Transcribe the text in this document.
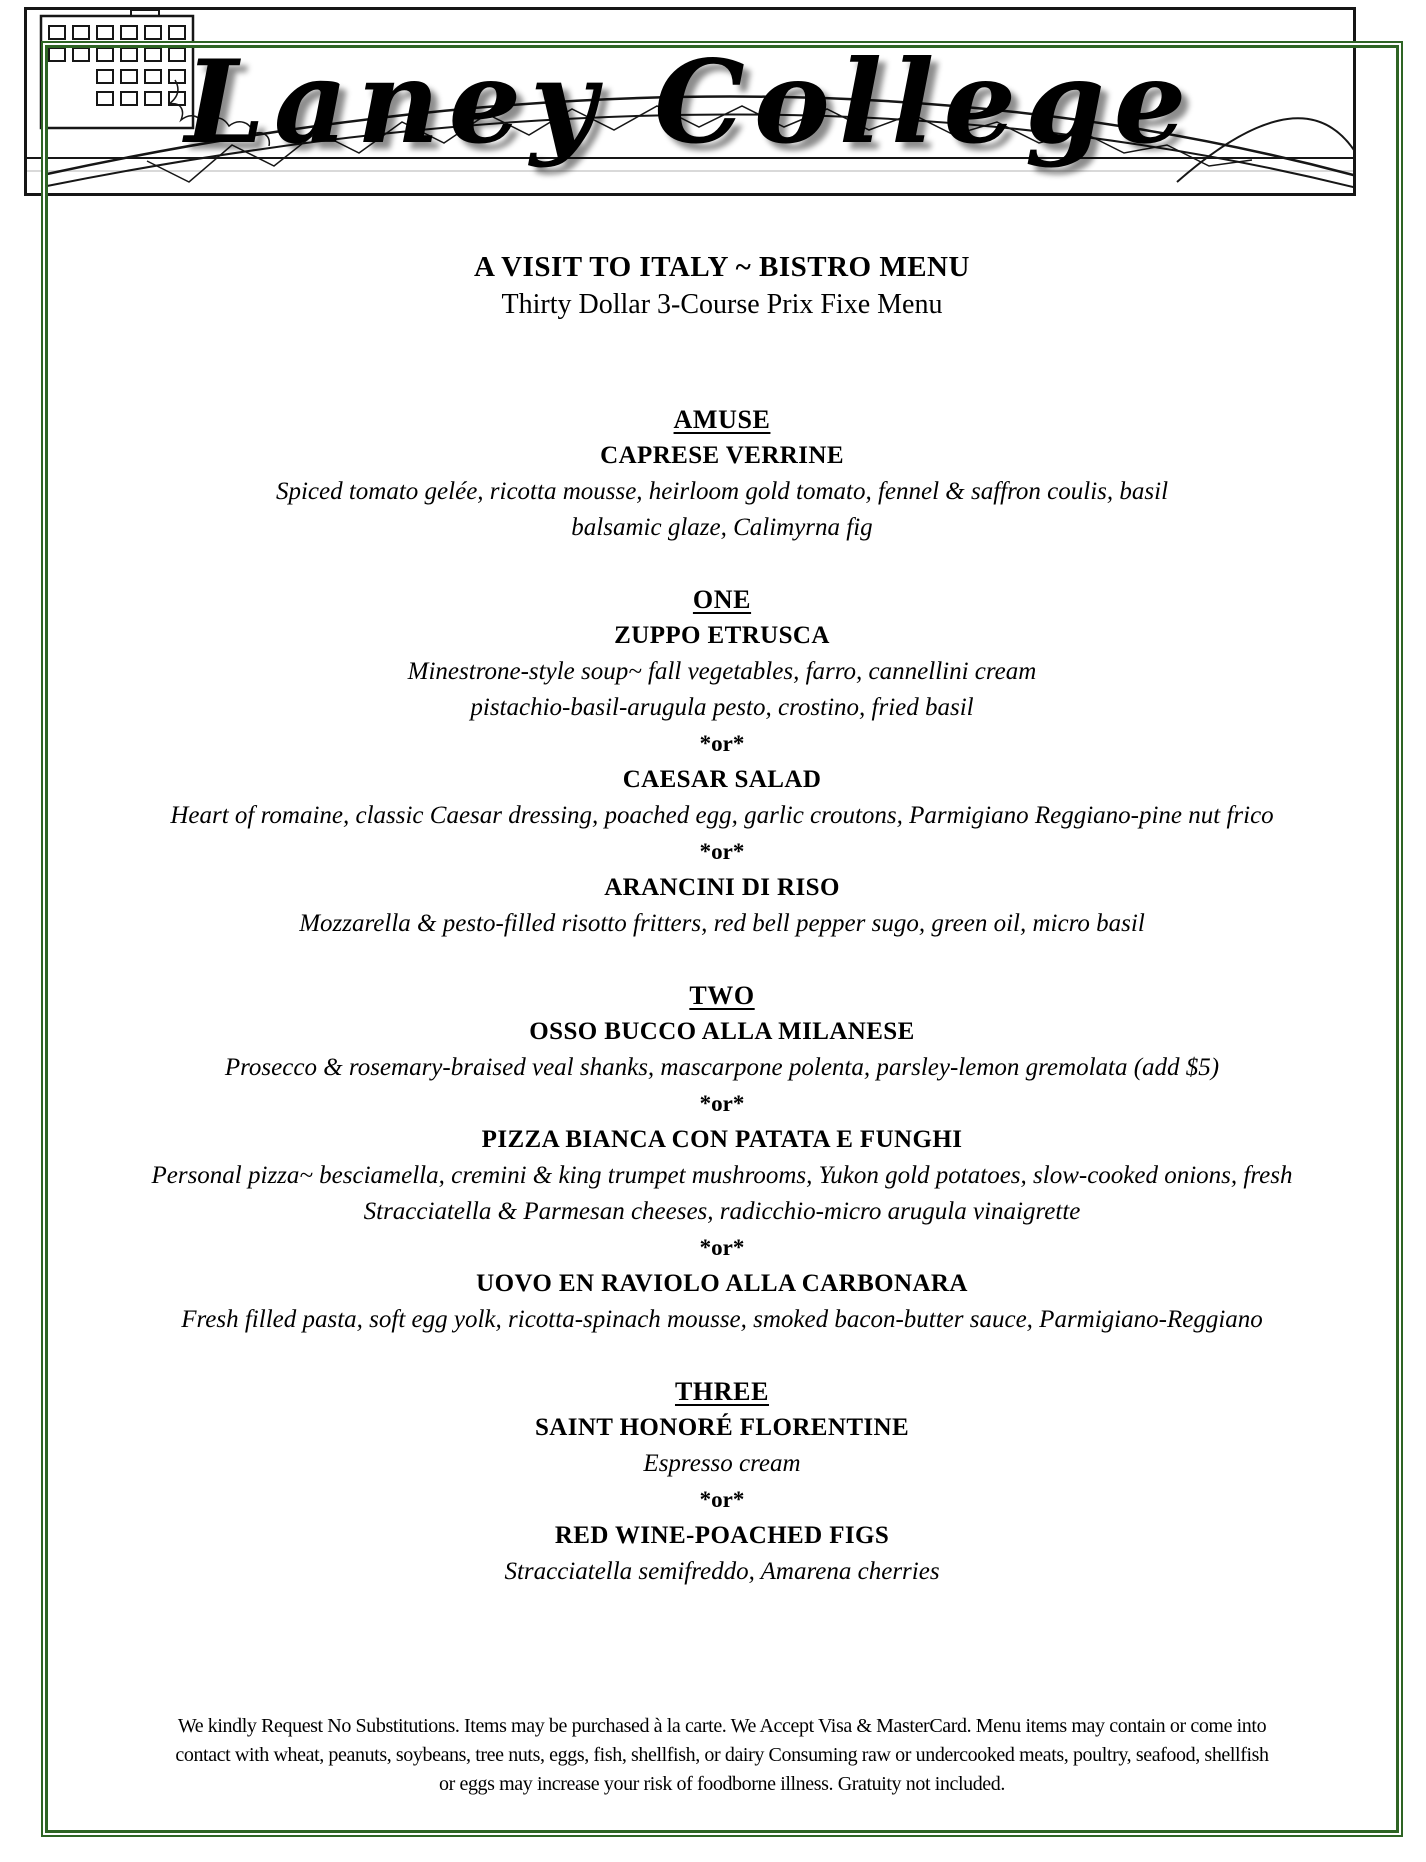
Laney College
A VISIT TO ITALY ~ BISTRO MENU
Thirty Dollar 3-Course Prix Fixe Menu
AMUSE
CAPRESE VERRINE
Spiced tomato gelée, ricotta mousse, heirloom gold tomato, fennel & saffron coulis, basil
balsamic glaze, Calimyrna fig
ONE
ZUPPO ETRUSCA
Minestrone-style soup~ fall vegetables, farro, cannellini cream
pistachio-basil-arugula pesto, crostino, fried basil
*or*
CAESAR SALAD
Heart of romaine, classic Caesar dressing, poached egg, garlic croutons, Parmigiano Reggiano-pine nut frico
*or*
ARANCINI DI RISO
Mozzarella & pesto-filled risotto fritters, red bell pepper sugo, green oil, micro basil
TWO
OSSO BUCCO ALLA MILANESE
Prosecco & rosemary-braised veal shanks, mascarpone polenta, parsley-lemon gremolata (add $5)
*or*
PIZZA BIANCA CON PATATA E FUNGHI
Personal pizza~ besciamella, cremini & king trumpet mushrooms, Yukon gold potatoes, slow-cooked onions, fresh
Stracciatella & Parmesan cheeses, radicchio-micro arugula vinaigrette
*or*
UOVO EN RAVIOLO ALLA CARBONARA
Fresh filled pasta, soft egg yolk, ricotta-spinach mousse, smoked bacon-butter sauce, Parmigiano-Reggiano
THREE
SAINT HONORÉ FLORENTINE
Espresso cream
*or*
RED WINE-POACHED FIGS
Stracciatella semifreddo, Amarena cherries
We kindly Request No Substitutions. Items may be purchased à la carte. We Accept Visa & MasterCard. Menu items may contain or come into
contact with wheat, peanuts, soybeans, tree nuts, eggs, fish, shellfish, or dairy Consuming raw or undercooked meats, poultry, seafood, shellfish
or eggs may increase your risk of foodborne illness. Gratuity not included.
